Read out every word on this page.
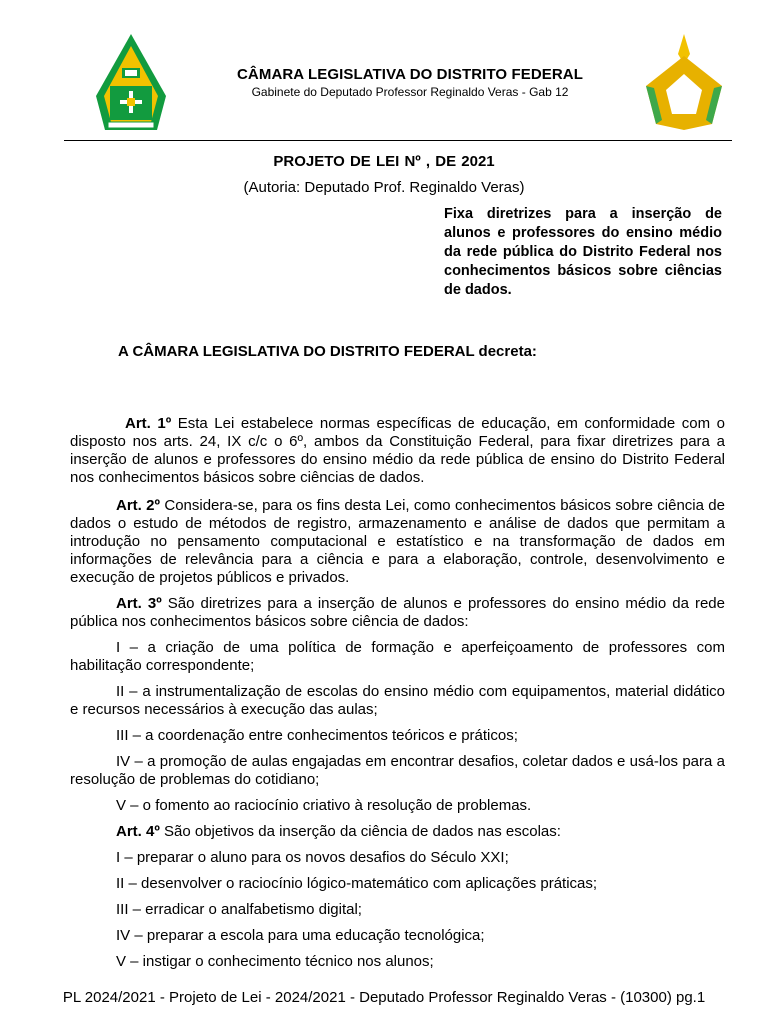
CÂMARA LEGISLATIVA DO DISTRITO FEDERAL
Gabinete do Deputado Professor Reginaldo Veras - Gab 12
PROJETO DE LEI Nº , DE 2021
(Autoria: Deputado Prof. Reginaldo Veras)
Fixa diretrizes para a inserção de alunos e professores do ensino médio da rede pública do Distrito Federal nos conhecimentos básicos sobre ciências de dados.
A CÂMARA LEGISLATIVA DO DISTRITO FEDERAL decreta:

Art. 1º Esta Lei estabelece normas específicas de educação, em conformidade com o disposto nos arts. 24, IX c/c o 6º, ambos da Constituição Federal, para fixar diretrizes para a inserção de alunos e professores do ensino médio da rede pública de ensino do Distrito Federal nos conhecimentos básicos sobre ciências de dados.

Art. 2º Considera-se, para os fins desta Lei, como conhecimentos básicos sobre ciência de dados o estudo de métodos de registro, armazenamento e análise de dados que permitam a introdução no pensamento computacional e estatístico e na transformação de dados em informações de relevância para a ciência e para a elaboração, controle, desenvolvimento e execução de projetos públicos e privados.

Art. 3º São diretrizes para a inserção de alunos e professores do ensino médio da rede pública nos conhecimentos básicos sobre ciência de dados:

I – a criação de uma política de formação e aperfeiçoamento de professores com habilitação correspondente;

II – a instrumentalização de escolas do ensino médio com equipamentos, material didático e recursos necessários à execução das aulas;

III – a coordenação entre conhecimentos teóricos e práticos;

IV – a promoção de aulas engajadas em encontrar desafios, coletar dados e usá-los para a resolução de problemas do cotidiano;

V – o fomento ao raciocínio criativo à resolução de problemas.

Art. 4º São objetivos da inserção da ciência de dados nas escolas:

I – preparar o aluno para os novos desafios do Século XXI;

II – desenvolver o raciocínio lógico-matemático com aplicações práticas;

III – erradicar o analfabetismo digital;

IV – preparar a escola para uma educação tecnológica;

V – instigar o conhecimento técnico nos alunos;

PL 2024/2021 - Projeto de Lei - 2024/2021 - Deputado Professor Reginaldo Veras - (10300) pg.1
